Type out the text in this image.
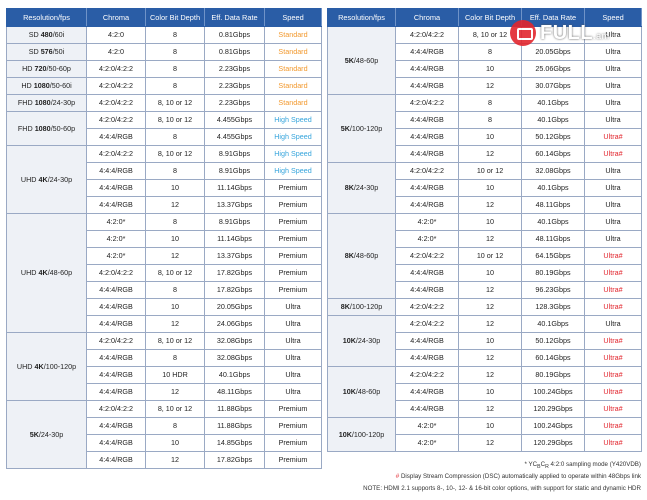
Resolution/fps	Chroma	Color Bit Depth	Eff. Data Rate	Speed
SD 480/60i	4:2:0	8	0.81Gbps	Standard
SD 576/50i	4:2:0	8	0.81Gbps	Standard
HD 720/50-60p	4:2:0/4:2:2	8	2.23Gbps	Standard
HD 1080/50-60i	4:2:0/4:2:2	8	2.23Gbps	Standard
FHD 1080/24-30p	4:2:0/4:2:2	8, 10 or 12	2.23Gbps	Standard
FHD 1080/50-60p	4:2:0/4:2:2	8, 10 or 12	4.455Gbps	High Speed
	4:4:4/RGB	8	4.455Gbps	High Speed
UHD 4K/24-30p	4:2:0/4:2:2	8, 10 or 12	8.91Gbps	High Speed
	4:4:4/RGB	8	8.91Gbps	High Speed
	4:4:4/RGB	10	11.14Gbps	Premium
	4:4:4/RGB	12	13.37Gbps	Premium
UHD 4K/48-60p	4:2:0*	8	8.91Gbps	Premium
	4:2:0*	10	11.14Gbps	Premium
	4:2:0*	12	13.37Gbps	Premium
	4:2:0/4:2:2	8, 10 or 12	17.82Gbps	Premium
	4:4:4/RGB	8	17.82Gbps	Premium
	4:4:4/RGB	10	20.05Gbps	Ultra
	4:4:4/RGB	12	24.06Gbps	Ultra
UHD 4K/100-120p	4:2:0/4:2:2	8, 10 or 12	32.08Gbps	Ultra
	4:4:4/RGB	8	32.08Gbps	Ultra
	4:4:4/RGB	10 HDR	40.1Gbps	Ultra
	4:4:4/RGB	12	48.11Gbps	Ultra
5K/24-30p	4:2:0/4:2:2	8, 10 or 12	11.88Gbps	Premium
	4:4:4/RGB	8	11.88Gbps	Premium
	4:4:4/RGB	10	14.85Gbps	Premium
	4:4:4/RGB	12	17.82Gbps	Premium
Resolution/fps	Chroma	Color Bit Depth	Eff. Data Rate	Speed
5K/48-60p	4:2:0/4:2:2	8, 10 or 12		Ultra
	4:4:4/RGB	8	20.05Gbps	Ultra
	4:4:4/RGB	10	25.06Gbps	Ultra
	4:4:4/RGB	12	30.07Gbps	Ultra
5K/100-120p	4:2:0/4:2:2	8	40.1Gbps	Ultra
	4:4:4/RGB	8	40.1Gbps	Ultra
	4:4:4/RGB	10	50.12Gbps	Ultra#
	4:4:4/RGB	12	60.14Gbps	Ultra#
8K/24-30p	4:2:0/4:2:2	10 or 12	32.08Gbps	Ultra
	4:4:4/RGB	10	40.1Gbps	Ultra
	4:4:4/RGB	12	48.11Gbps	Ultra
8K/48-60p	4:2:0*	10	40.1Gbps	Ultra
	4:2:0*	12	48.11Gbps	Ultra
	4:2:0/4:2:2	10 or 12	64.15Gbps	Ultra#
	4:4:4/RGB	10	80.19Gbps	Ultra#
	4:4:4/RGB	12	96.23Gbps	Ultra#
8K/100-120p	4:2:0/4:2:2	12	128.3Gbps	Ultra#
10K/24-30p	4:2:0/4:2:2	12	40.1Gbps	Ultra
	4:4:4/RGB	10	50.12Gbps	Ultra#
	4:4:4/RGB	12	60.14Gbps	Ultra#
10K/48-60p	4:2:0/4:2:2	12	80.19Gbps	Ultra#
	4:4:4/RGB	10	100.24Gbps	Ultra#
	4:4:4/RGB	12	120.29Gbps	Ultra#
10K/100-120p	4:2:0*	10	100.24Gbps	Ultra#
	4:2:0*	12	120.29Gbps	Ultra#
FULL.am
* $YC_BC_R$ 4:2:0 sampling mode (Y420VDB)
# Display Stream Compression (DSC) automatically applied to operate within 48Gbps link
NOTE: HDMI 2.1 supports 8-, 10-, 12- & 16-bit color options, with support for static and dynamic HDR
